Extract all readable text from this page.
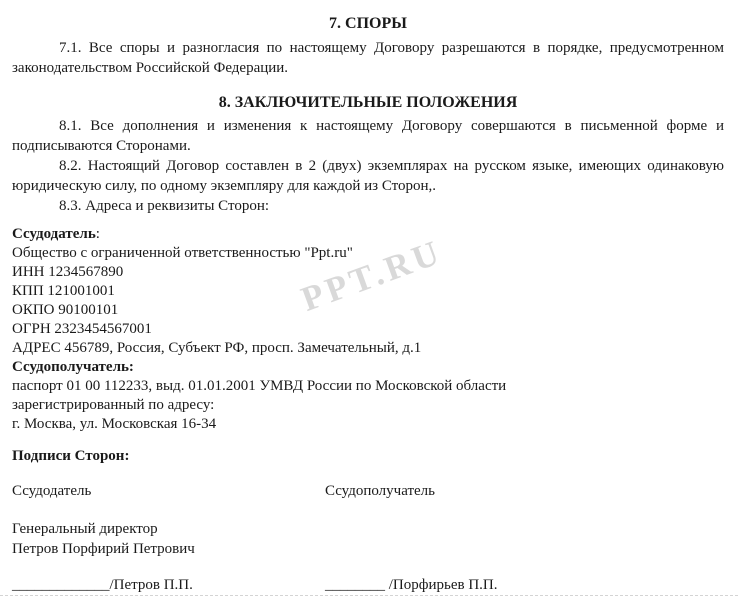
PPT.RU
7. СПОРЫ
7.1. Все споры и разногласия по настоящему Договору разрешаются в порядке, предусмотренном
законодательством Российской Федерации.
8. ЗАКЛЮЧИТЕЛЬНЫЕ ПОЛОЖЕНИЯ
8.1. Все дополнения и изменения к настоящему Договору совершаются в письменной форме и
подписываются Сторонами.
8.2. Настоящий Договор составлен в 2 (двух) экземплярах на русском языке, имеющих одинаковую
юридическую силу, по одному экземпляру для каждой из Сторон,.
8.3. Адреса и реквизиты Сторон:
Ссудодатель:
Общество с ограниченной ответственностью "Ppt.ru"
ИНН 1234567890
КПП 121001001
ОКПО 90100101
ОГРН 2323454567001
АДРЕС 456789, Россия, Субъект РФ, просп. Замечательный, д.1
Ссудополучатель:
паспорт 01 00 112233, выд. 01.01.2001 УМВД России по Московской области
зарегистрированный по адресу:
г. Москва, ул. Московская 16-34
Подписи Сторон:
Ссудодатель	Ссудополучатель
Генеральный директор
Петров Порфирий Петрович
_____________/Петров П.П.	________ /Порфирьев П.П.
